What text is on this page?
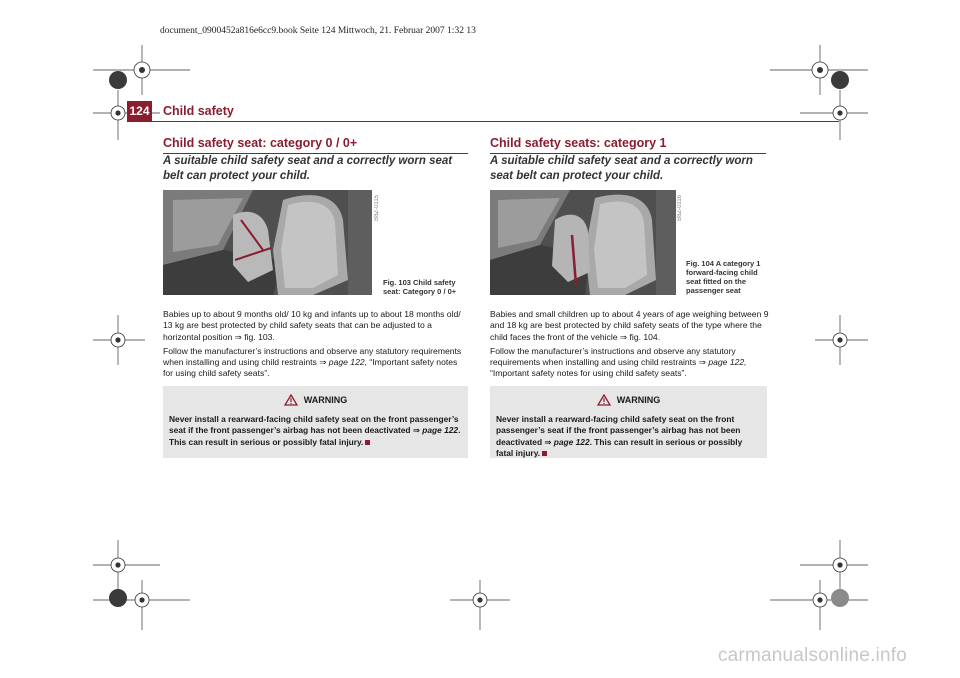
document_0900452a816e6cc9.book Seite 124 Mittwoch, 21. Februar 2007 1:32 13
124 Child safety
Child safety seat: category 0 / 0+
A suitable child safety seat and a correctly worn seat belt can protect your child.
B8Z-0115
Fig. 103 Child safety seat: Category 0 / 0+

Babies up to about 9 months old/ 10 kg and infants up to about 18 months old/ 13 kg are best protected by child safety seats that can be adjusted to a horizontal position ⇒ fig. 103.

Follow the manufacturer’s instructions and observe any statutory requirements when installing and using child restraints ⇒ page 122, “Important safety notes for using child safety seats”.

WARNING

Never install a rearward-facing child safety seat on the front passenger’s seat if the front passenger’s airbag has not been deactivated ⇒ page 122. This can result in serious or possibly fatal injury.

Child safety seats: category 1
A suitable child safety seat and a correctly worn seat belt can protect your child.
B8Z-0116
Fig. 104 A category 1 forward-facing child seat fitted on the passenger seat

Babies and small children up to about 4 years of age weighing between 9 and 18 kg are best protected by child safety seats of the type where the child faces the front of the vehicle ⇒ fig. 104.

Follow the manufacturer’s instructions and observe any statutory requirements when installing and using child restraints ⇒ page 122, “Important safety notes for using child safety seats”.

WARNING

Never install a rearward-facing child safety seat on the front passenger’s seat if the front passenger’s airbag has not been deactivated ⇒ page 122. This can result in serious or possibly fatal injury.

carmanualsonline.info
